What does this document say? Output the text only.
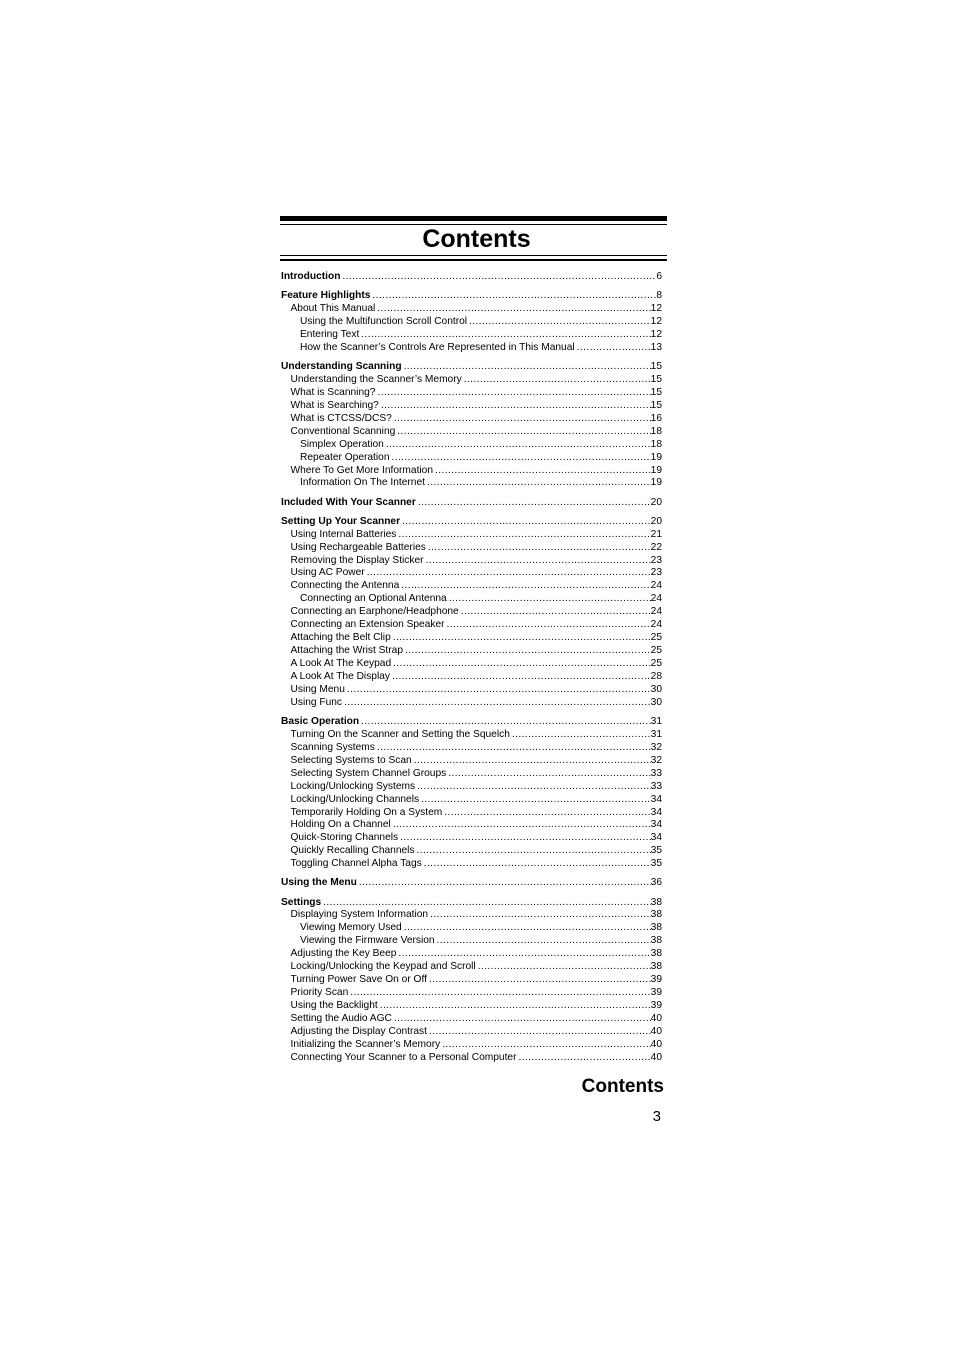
Contents
Introduction .....	6
Feature Highlights .....	8
About This Manual .....	12
Using the Multifunction Scroll Control .....	12
Entering Text .....	12
How the Scanner’s Controls Are Represented in This Manual .....	13
Understanding Scanning .....	15
Understanding the Scanner’s Memory .....	15
What is Scanning? .....	15
What is Searching? .....	15
What is CTCSS/DCS? .....	16
Conventional Scanning .....	18
Simplex Operation .....	18
Repeater Operation .....	19
Where To Get More Information .....	19
Information On The Internet .....	19
Included With Your Scanner .....	20
Setting Up Your Scanner .....	20
Using Internal Batteries .....	21
Using Rechargeable Batteries .....	22
Removing the Display Sticker .....	23
Using AC Power .....	23
Connecting the Antenna .....	24
Connecting an Optional Antenna .....	24
Connecting an Earphone/Headphone .....	24
Connecting an Extension Speaker .....	24
Attaching the Belt Clip .....	25
Attaching the Wrist Strap .....	25
A Look At The Keypad .....	25
A Look At The Display .....	28
Using Menu .....	30
Using Func .....	30
Basic Operation .....	31
Turning On the Scanner and Setting the Squelch .....	31
Scanning Systems .....	32
Selecting Systems to Scan .....	32
Selecting System Channel Groups .....	33
Locking/Unlocking Systems .....	33
Locking/Unlocking Channels .....	34
Temporarily Holding On a System .....	34
Holding On a Channel .....	34
Quick-Storing Channels .....	34
Quickly Recalling Channels .....	35
Toggling Channel Alpha Tags .....	35
Using the Menu .....	36
Settings .....	38
Displaying System Information .....	38
Viewing Memory Used .....	38
Viewing the Firmware Version .....	38
Adjusting the Key Beep .....	38
Locking/Unlocking the Keypad and Scroll .....	38
Turning Power Save On or Off .....	39
Priority Scan .....	39
Using the Backlight .....	39
Setting the Audio AGC .....	40
Adjusting the Display Contrast .....	40
Initializing the Scanner’s Memory .....	40
Connecting Your Scanner to a Personal Computer .....	40
Contents
3
